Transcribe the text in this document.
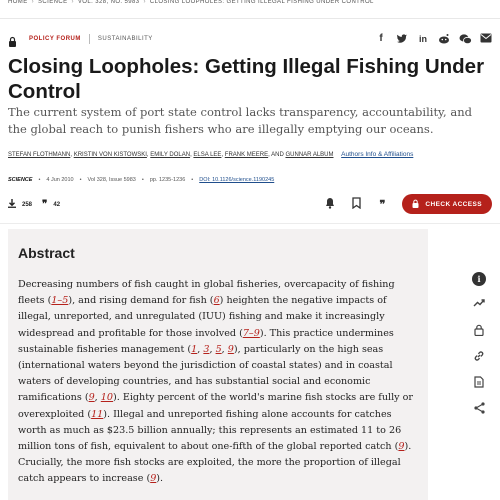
HOME › SCIENCE › VOL. 328, NO. 5983 › CLOSING LOOPHOLES: GETTING ILLEGAL FISHING UNDER CONTROL
POLICY FORUM	SUSTAINABILITY	f	in
Closing Loopholes: Getting Illegal Fishing Under Control

The current system of port state control lacks transparency, accountability, and the global reach to punish fishers who are illegally emptying our oceans.

STEFAN FLOTHMANN, KRISTIN VON KISTOWSKI, EMILY DOLAN, ELSA LEE, FRANK MEERE, AND GUNNAR ALBUM Authors Info & Affiliations
SCIENCE • 4 Jun 2010 • Vol 328, Issue 5983 • pp. 1235-1236 • DOI: 10.1126/science.1190245
258 ❞ 42	❞	CHECK ACCESS
Abstract

Decreasing numbers of fish caught in global fisheries, overcapacity of fishing fleets (1–5), and rising demand for fish (6) heighten the negative impacts of illegal, unreported, and unregulated (IUU) fishing and make it increasingly widespread and profitable for those involved (7–9). This practice undermines sustainable fisheries management (1, 3, 5, 9), particularly on the high seas (international waters beyond the jurisdiction of coastal states) and in coastal waters of developing countries, and has substantial social and economic ramifications (9, 10). Eighty percent of the world's marine fish stocks are fully or overexploited (11). Illegal and unreported fishing alone accounts for catches worth as much as $23.5 billion annually; this represents an estimated 11 to 26 million tons of fish, equivalent to about one-fifth of the global reported catch (9). Crucially, the more fish stocks are exploited, the more the proportion of illegal catch appears to increase (9).

i
